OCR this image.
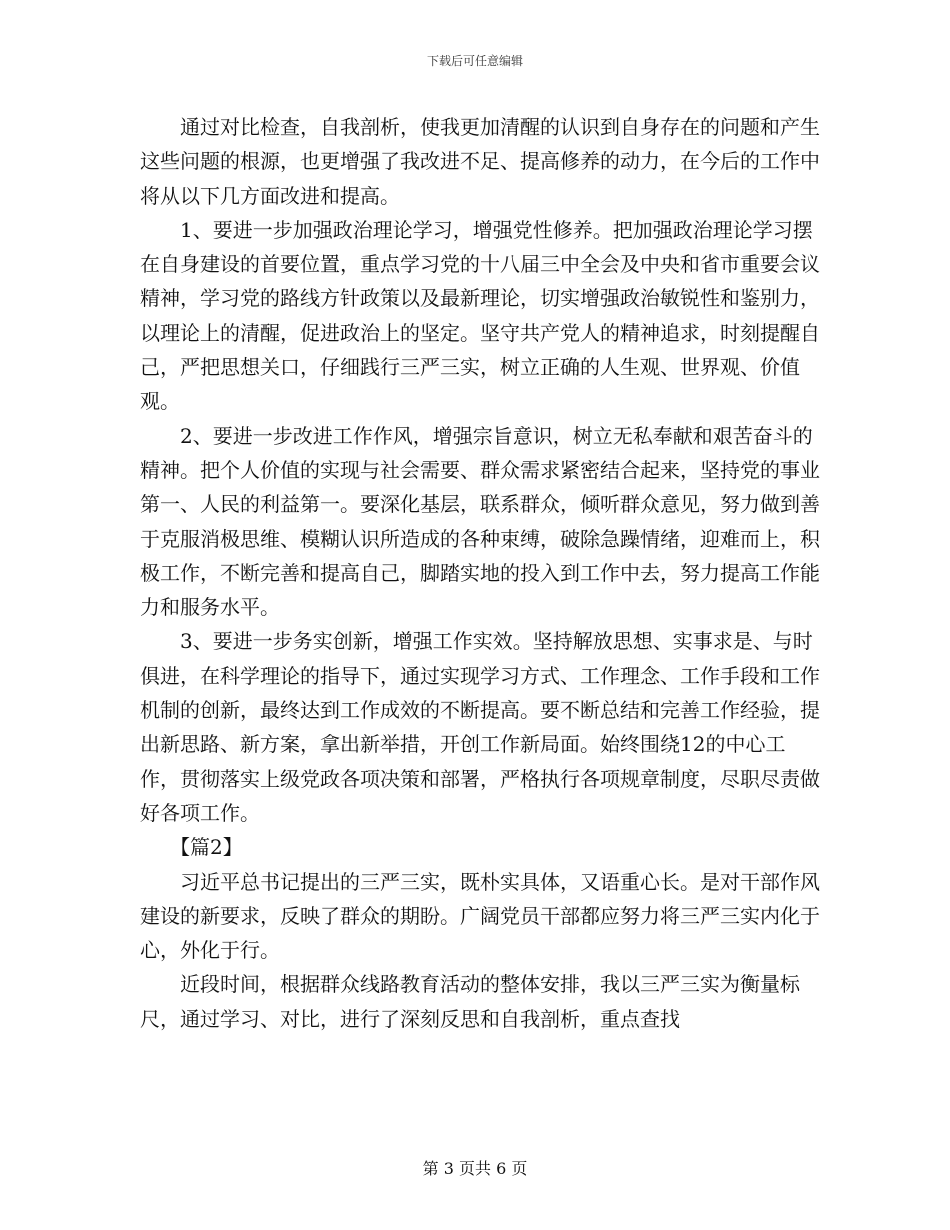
下载后可任意编辑

通过对比检查，自我剖析，使我更加清醒的认识到自身存在的问题和产生这些问题的根源，也更增强了我改进不足、提高修养的动力，在今后的工作中将从以下几方面改进和提高。

1、要进一步加强政治理论学习，增强党性修养。把加强政治理论学习摆在自身建设的首要位置，重点学习党的十八届三中全会及中央和省市重要会议精神，学习党的路线方针政策以及最新理论，切实增强政治敏锐性和鉴别力，以理论上的清醒，促进政治上的坚定。坚守共产党人的精神追求，时刻提醒自己，严把思想关口，仔细践行三严三实，树立正确的人生观、世界观、价值观。

2、要进一步改进工作作风，增强宗旨意识，树立无私奉献和艰苦奋斗的精神。把个人价值的实现与社会需要、群众需求紧密结合起来，坚持党的事业第一、人民的利益第一。要深化基层，联系群众，倾听群众意见，努力做到善于克服消极思维、模糊认识所造成的各种束缚，破除急躁情绪，迎难而上，积极工作，不断完善和提高自己，脚踏实地的投入到工作中去，努力提高工作能力和服务水平。

3、要进一步务实创新，增强工作实效。坚持解放思想、实事求是、与时俱进，在科学理论的指导下，通过实现学习方式、工作理念、工作手段和工作机制的创新，最终达到工作成效的不断提高。要不断总结和完善工作经验，提出新思路、新方案，拿出新举措，开创工作新局面。始终围绕12的中心工作，贯彻落实上级党政各项决策和部署，严格执行各项规章制度，尽职尽责做好各项工作。

【篇2】

习近平总书记提出的三严三实，既朴实具体，又语重心长。是对干部作风建设的新要求，反映了群众的期盼。广阔党员干部都应努力将三严三实内化于心，外化于行。

近段时间，根据群众线路教育活动的整体安排，我以三严三实为衡量标尺，通过学习、对比，进行了深刻反思和自我剖析，重点查找

第 3 页共 6 页
